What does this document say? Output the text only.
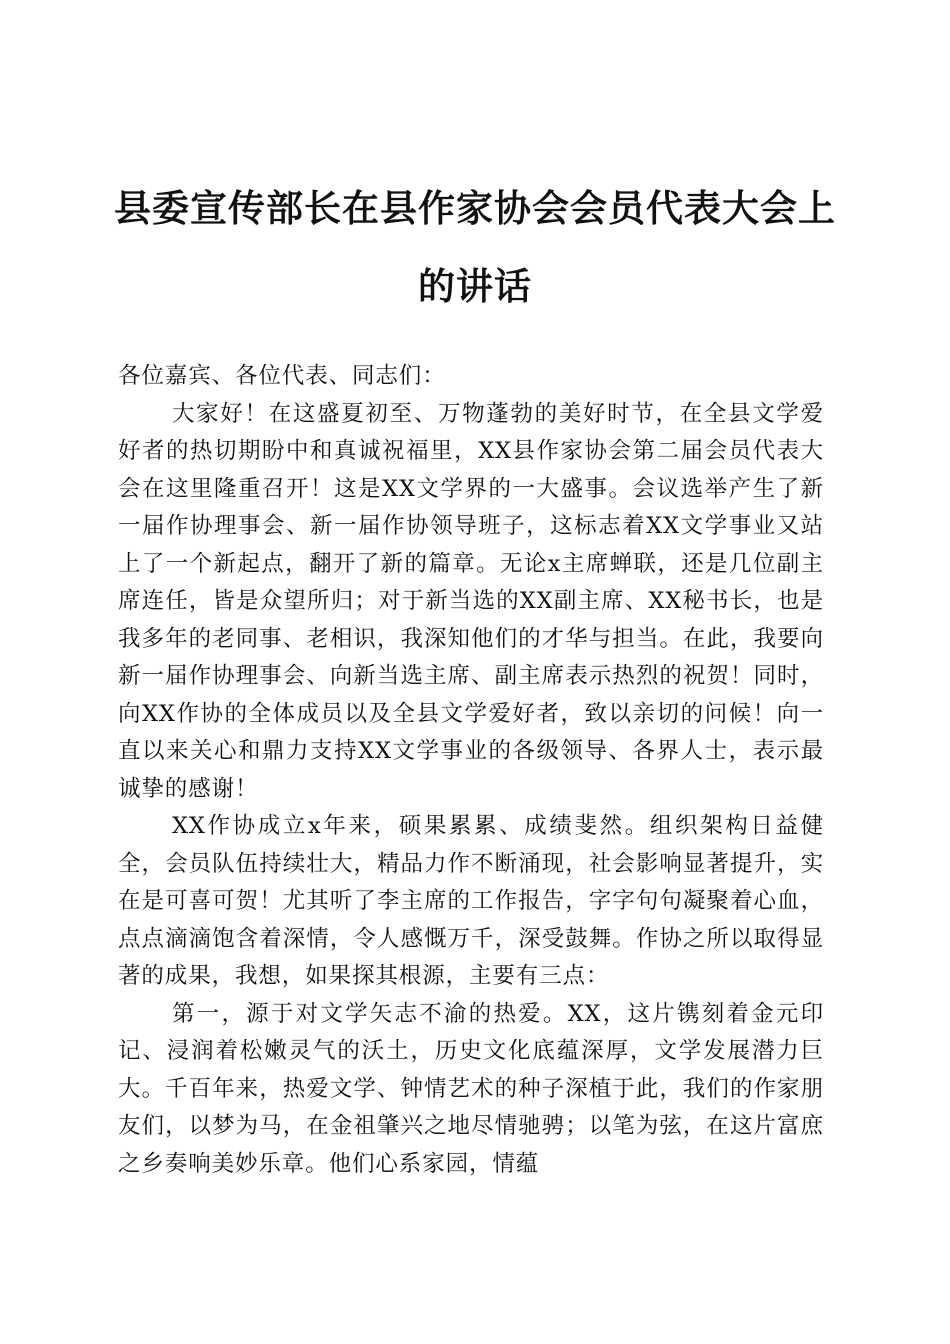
县委宣传部长在县作家协会会员代表大会上的讲话

各位嘉宾、各位代表、同志们：

大家好！在这盛夏初至、万物蓬勃的美好时节，在全县文学爱好者的热切期盼中和真诚祝福里，XX县作家协会第二届会员代表大会在这里隆重召开！这是XX文学界的一大盛事。会议选举产生了新一届作协理事会、新一届作协领导班子，这标志着XX文学事业又站上了一个新起点，翻开了新的篇章。无论x主席蝉联，还是几位副主席连任，皆是众望所归；对于新当选的XX副主席、XX秘书长，也是我多年的老同事、老相识，我深知他们的才华与担当。在此，我要向新一届作协理事会、向新当选主席、副主席表示热烈的祝贺！同时，向XX作协的全体成员以及全县文学爱好者，致以亲切的问候！向一直以来关心和鼎力支持XX文学事业的各级领导、各界人士，表示最诚挚的感谢！

XX作协成立x年来，硕果累累、成绩斐然。组织架构日益健全，会员队伍持续壮大，精品力作不断涌现，社会影响显著提升，实在是可喜可贺！尤其听了李主席的工作报告，字字句句凝聚着心血，点点滴滴饱含着深情，令人感慨万千，深受鼓舞。作协之所以取得显著的成果，我想，如果探其根源，主要有三点：

第一，源于对文学矢志不渝的热爱。XX，这片镌刻着金元印记、浸润着松嫩灵气的沃土，历史文化底蕴深厚，文学发展潜力巨大。千百年来，热爱文学、钟情艺术的种子深植于此，我们的作家朋友们，以梦为马，在金祖肇兴之地尽情驰骋；以笔为弦，在这片富庶之乡奏响美妙乐章。他们心系家园，情蕴
